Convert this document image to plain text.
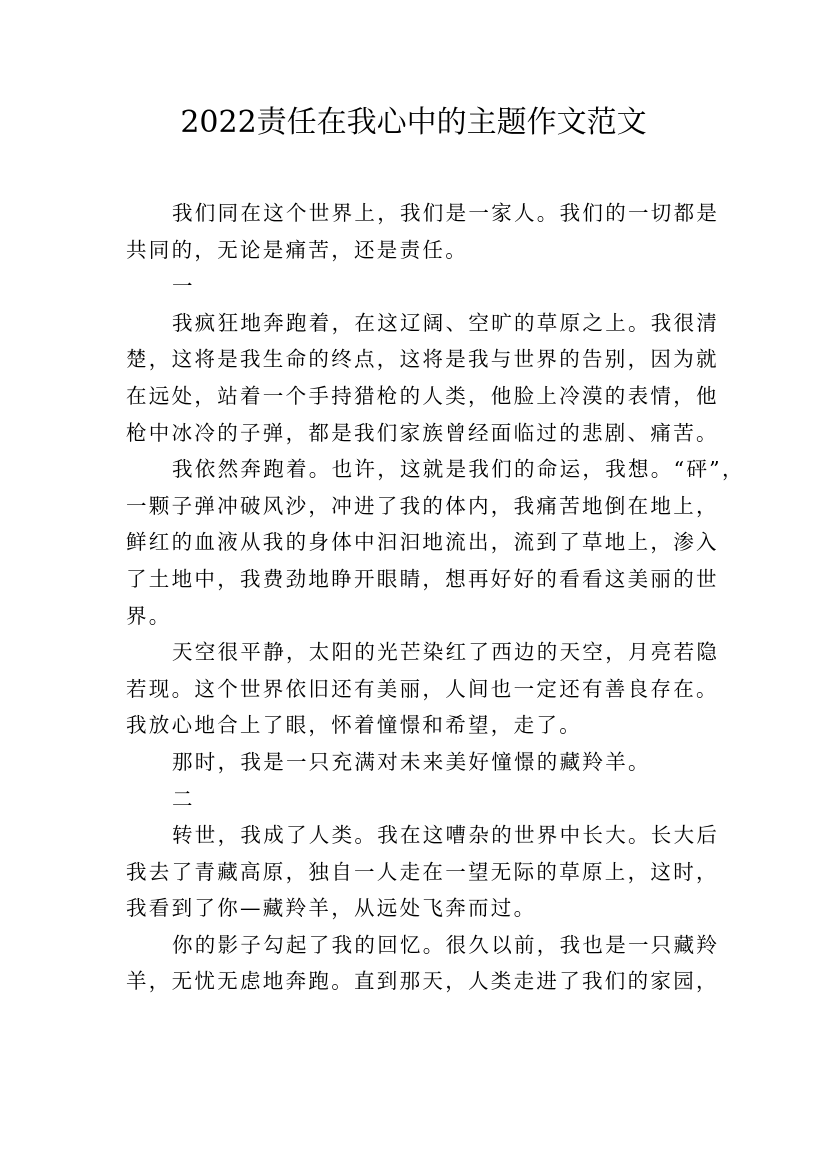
2022责任在我心中的主题作文范文
我们同在这个世界上，我们是一家人。我们的一切都是
共同的，无论是痛苦，还是责任。
一
我疯狂地奔跑着，在这辽阔、空旷的草原之上。我很清
楚，这将是我生命的终点，这将是我与世界的告别，因为就
在远处，站着一个手持猎枪的人类，他脸上冷漠的表情，他
枪中冰冷的子弹，都是我们家族曾经面临过的悲剧、痛苦。
我依然奔跑着。也许，这就是我们的命运，我想。“砰”，
一颗子弹冲破风沙，冲进了我的体内，我痛苦地倒在地上，
鲜红的血液从我的身体中汩汩地流出，流到了草地上，渗入
了土地中，我费劲地睁开眼睛，想再好好的看看这美丽的世
界。
天空很平静，太阳的光芒染红了西边的天空，月亮若隐
若现。这个世界依旧还有美丽，人间也一定还有善良存在。
我放心地合上了眼，怀着憧憬和希望，走了。
那时，我是一只充满对未来美好憧憬的藏羚羊。
二
转世，我成了人类。我在这嘈杂的世界中长大。长大后
我去了青藏高原，独自一人走在一望无际的草原上，这时，
我看到了你—藏羚羊，从远处飞奔而过。
你的影子勾起了我的回忆。很久以前，我也是一只藏羚
羊，无忧无虑地奔跑。直到那天，人类走进了我们的家园，
